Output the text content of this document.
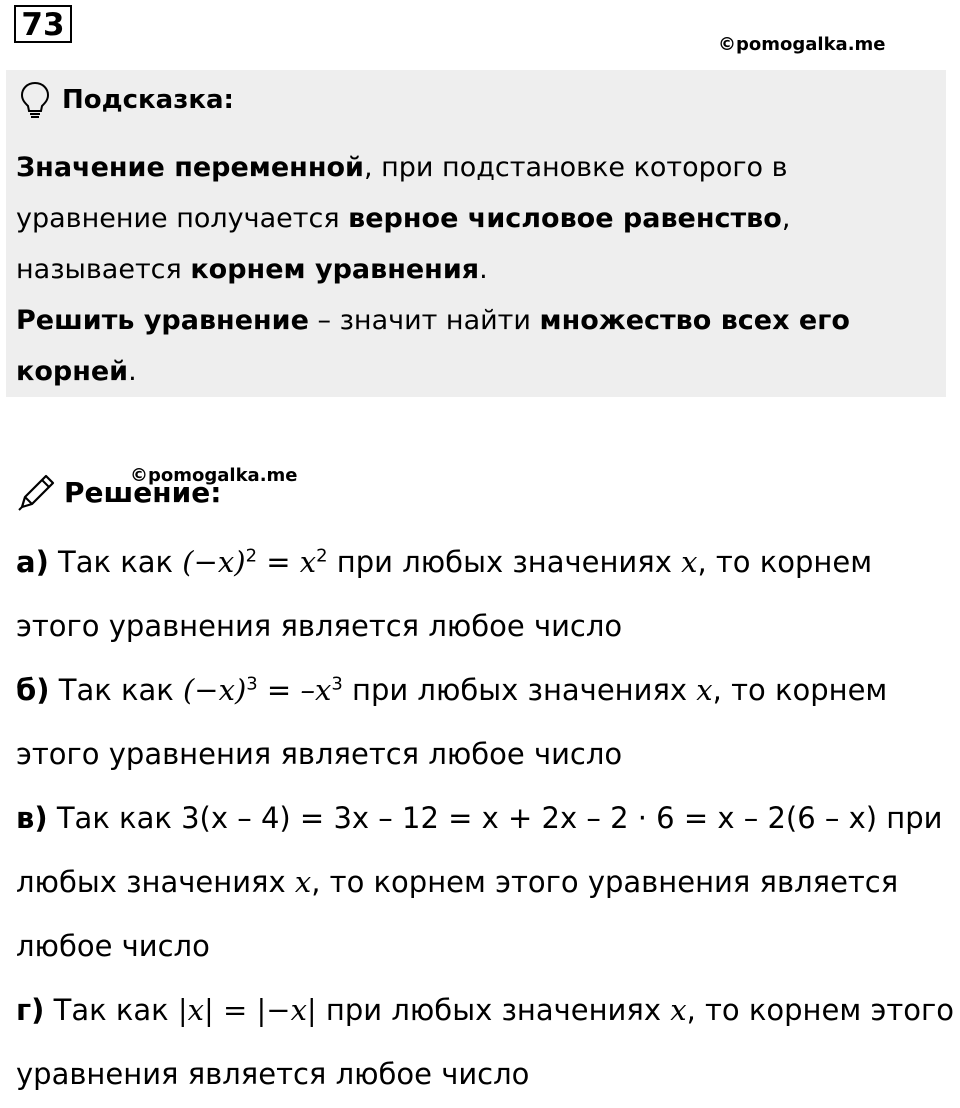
73
©pomogalka.me
Подсказка:
Значение переменной, при подстановке которого в уравнение получается верное числовое равенство, называется корнем уравнения.
Решить уравнение – значит найти множество всех его корней.
Решение:
©pomogalka.me

а) Так как $(-x)^2 = x^2$ при любых значениях x, то корнем этого уравнения является любое число

б) Так как $(-x)^3 = -x^3$ при любых значениях x, то корнем этого уравнения является любое число

в) Так как 3(x – 4) = 3x – 12 = x + 2x – 2 · 6 = x – 2(6 – x) при любых значениях x, то корнем этого уравнения является любое число

г) Так как |x| = |−x| при любых значениях x, то корнем этого уравнения является любое число
